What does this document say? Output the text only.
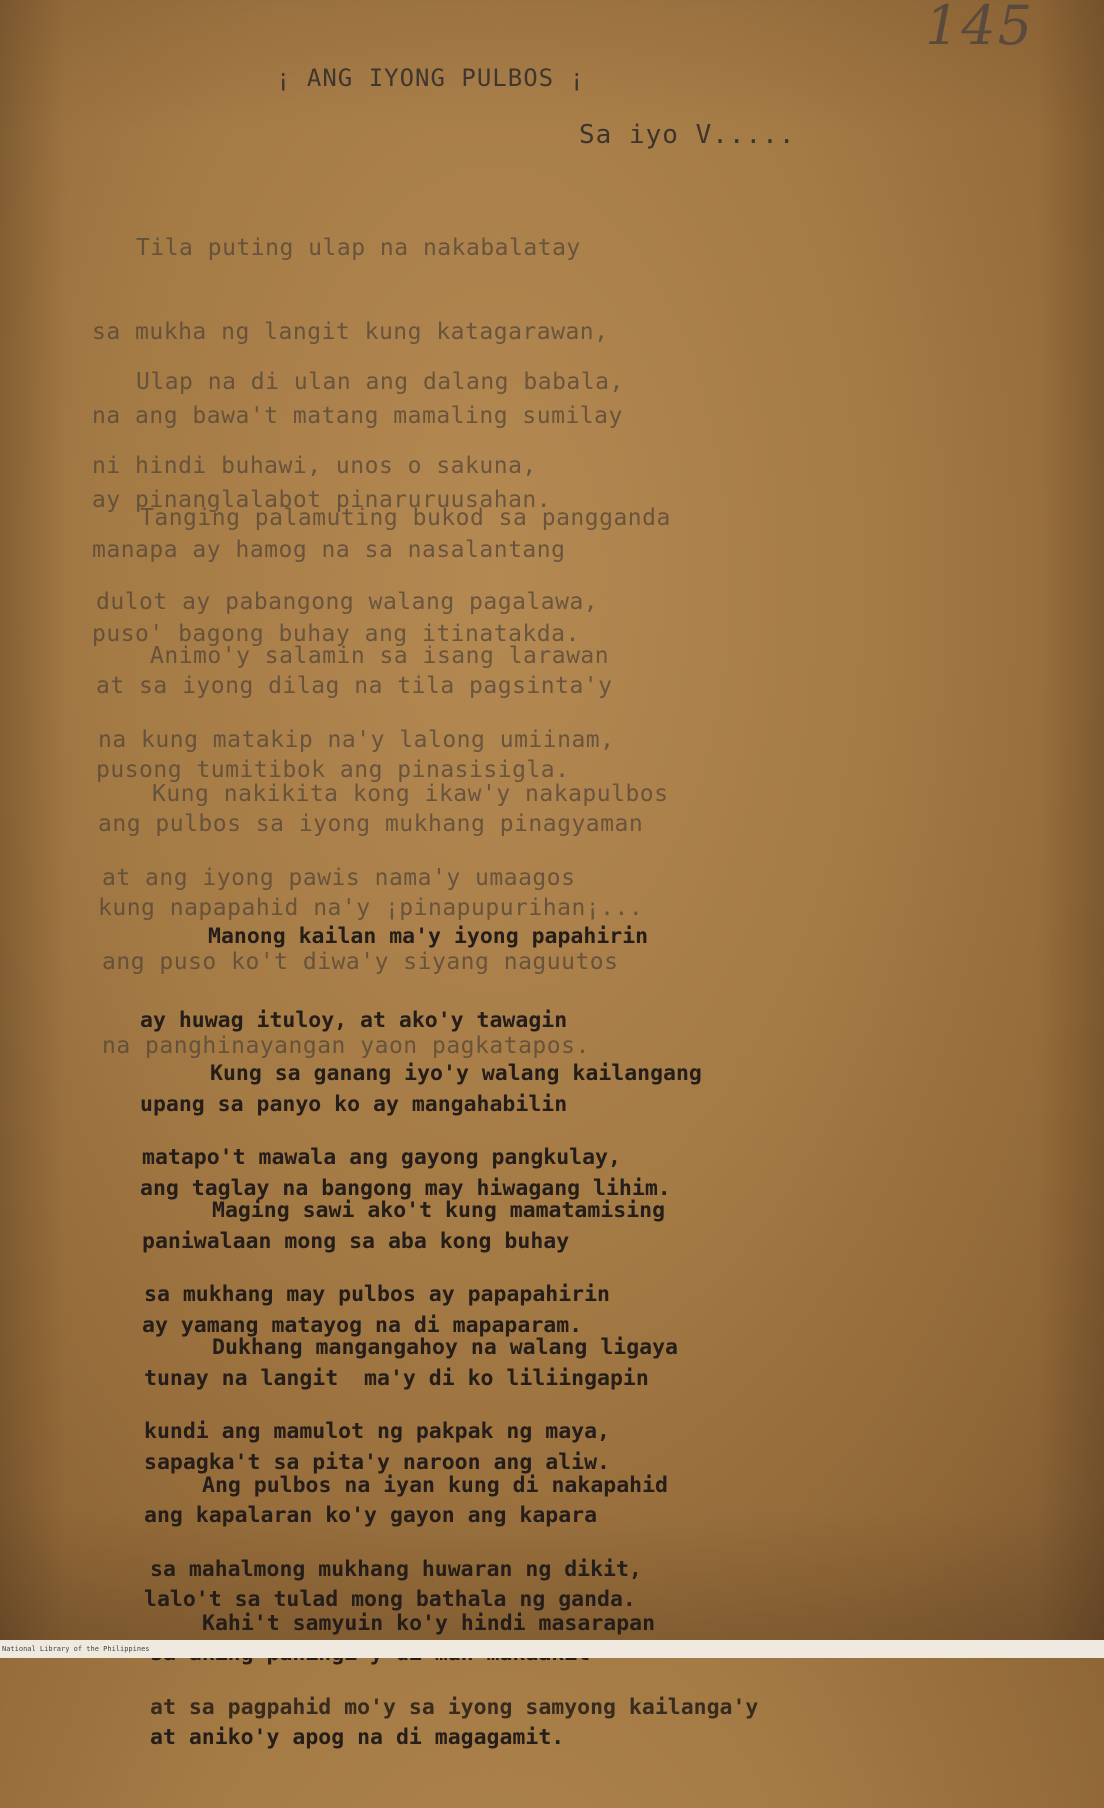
145
¡ ANG IYONG PULBOS ¡
Sa iyo V.....

Tila puting ulap na nakabalatay

sa mukha ng langit kung katagarawan,

na ang bawa't matang mamaling sumilay

ay pinanglalabot pinaruruusahan.

Ulap na di ulan ang dalang babala,

ni hindi buhawi, unos o sakuna,

manapa ay hamog na sa nasalantang

puso' bagong buhay ang itinatakda.

Tanging palamuting bukod sa panggandа

dulot ay pabangong walang pagalawa,

at sa iyong dilag na tila pagsinta'y

pusong tumitibok ang pinasisigla.

Animo'y salamin sa isang larawan

na kung matakip na'y lalong umiinam,

ang pulbos sa iyong mukhang pinagyaman

kung napapahid na'y ¡pinapupurihan¡...

Kung nakikita kong ikaw'y nakapulbos

at ang iyong pawis nama'y umaagos

ang puso ko't diwa'y siyang naguutos

na panghinayangan yaon pagkatapos.

Manong kailan ma'y iyong papahirin

ay huwag ituloy, at ako'y tawagin

upang sa panyo ko ay mangahabilin

ang taglay na bangong may hiwagang lihim.

Kung sa ganang iyo'y walang kailangang

matapo't mawala ang gayong pangkulay,

paniwalaan mong sa aba kong buhay

ay yamang matayog na di mapaparam.

Maging sawi ako't kung mamatamising

sa mukhang may pulbos ay papapahirin

tunay na langit  ma'y di ko liliingapin

sapagka't sa pita'y naroon ang aliw.

Dukhang mangangahoy na walang ligaya

kundi ang mamulot ng pakpak ng maya,

ang kapalaran ko'y gayon ang kapara

lalo't sa tulad mong bathala ng ganda.

Ang pulbos na iyan kung di nakapahid

sa mahalmong mukhang huwaran ng dikit,

at aniko'y apog na di magagamit.

Kahi't samyuin ko'y hindi masarapan

at sa pagpahid mo'y sa iyong samyong kailanga'y

National Library of the Philippines
